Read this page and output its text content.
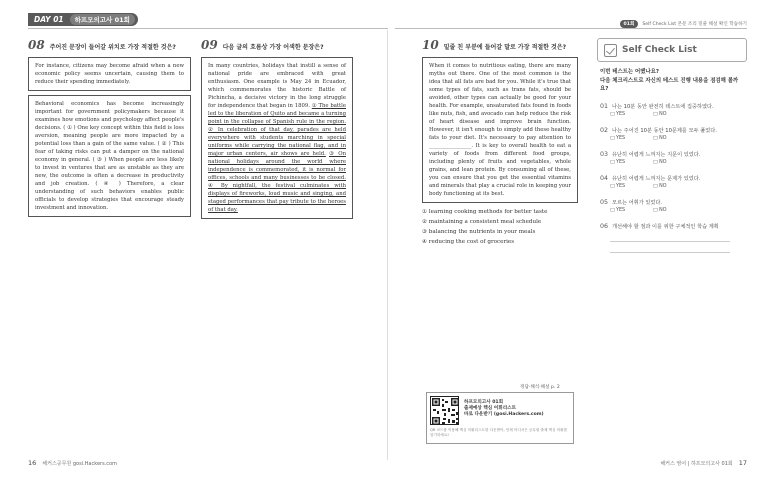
DAY 01	하프모의고사 01회
01회	Self Check List 본문 조리 밑줄 해설 확인 학습하기
08 주어진 문장이 들어갈 위치로 가장 적절한 것은?

For instance, citizens may become afraid when a new economic policy seems uncertain, causing them to reduce their spending immediately.

Behavioral economics has become increasingly important for government policymakers because it examines how emotions and psychology affect people's decisions. ( ① ) One key concept within this field is loss aversion, meaning people are more impacted by a potential loss than a gain of the same value. ( ② ) This fear of taking risks can put a damper on the national economy in general. ( ③ ) When people are less likely to invest in ventures that are as unstable as they are new, the outcome is often a decrease in productivity and job creation. ( ④ ) Therefore, a clear understanding of such behaviors enables public officials to develop strategies that encourage steady investment and innovation.

09 다음 글의 흐름상 가장 어색한 문장은?

In many countries, holidays that instill a sense of national pride are embraced with great enthusiasm. One example is May 24 in Ecuador, which commemorates the historic Battle of Pichincha, a decisive victory in the long struggle for independence that began in 1809. ① The battle led to the liberation of Quito and became a turning point in the collapse of Spanish rule in the region. ② In celebration of that day, parades are held everywhere with students marching in special uniforms while carrying the national flag, and in major urban centers, air shows are held. ③ On national holidays around the world where independence is commemorated, it is normal for offices, schools and many businesses to be closed. ④ By nightfall, the festival culminates with displays of fireworks, loud music and singing, and staged performances that pay tribute to the heroes of that day.

10 밑줄 친 부분에 들어갈 말로 가장 적절한 것은?

When it comes to nutritious eating, there are many myths out there. One of the most common is the idea that all fats are bad for you. While it's true that some types of fats, such as trans fats, should be avoided, other types can actually be good for your health. For example, unsaturated fats found in foods like nuts, fish, and avocado can help reduce the risk of heart disease and improve brain function. However, it isn't enough to simply add these healthy fats to your diet. It's necessary to pay attention to ________________. It is key to overall health to eat a variety of foods from different food groups, including plenty of fruits and vegetables, whole grains, and lean protein. By consuming all of these, you can ensure that you get the essential vitamins and minerals that play a crucial role in keeping your body functioning at its best.

① learning cooking methods for better taste
② maintaining a consistent meal schedule
③ balancing the nutrients in your meals
④ reducing the cost of groceries
정답·해석·해설 p. 2
하프모의고사 01회
출제예상 핵심 어휘리스트
바로 다운받기 (gosi.Hackers.com)
QR 코드를 이용해 핵심 어휘리스트를 다운받아, 언제 어디서든 공무원 출제 핵심 어휘를 암기하세요!
Self Check List
이번 테스트는 어땠나요?
다음 체크리스트로 자신의 테스트 진행 내용을 점검해 볼까요?
01 나는 10분 동안 완전히 테스트에 집중하였다.
□ YES	□ NO
02 나는 주어진 10분 동안 10문제를 모두 풀었다.
□ YES	□ NO
03 유난히 어렵게 느껴지는 지문이 있었다.
□ YES	□ NO
04 유난히 어렵게 느껴지는 문제가 있었다.
□ YES	□ NO
05 모르는 어휘가 있었다.
□ YES	□ NO
06 개선해야 할 점과 이를 위한 구체적인 학습 계획
16 해커스공무원 gosi.Hackers.com	해커스 영어 | 하프모의고사 01회 17
